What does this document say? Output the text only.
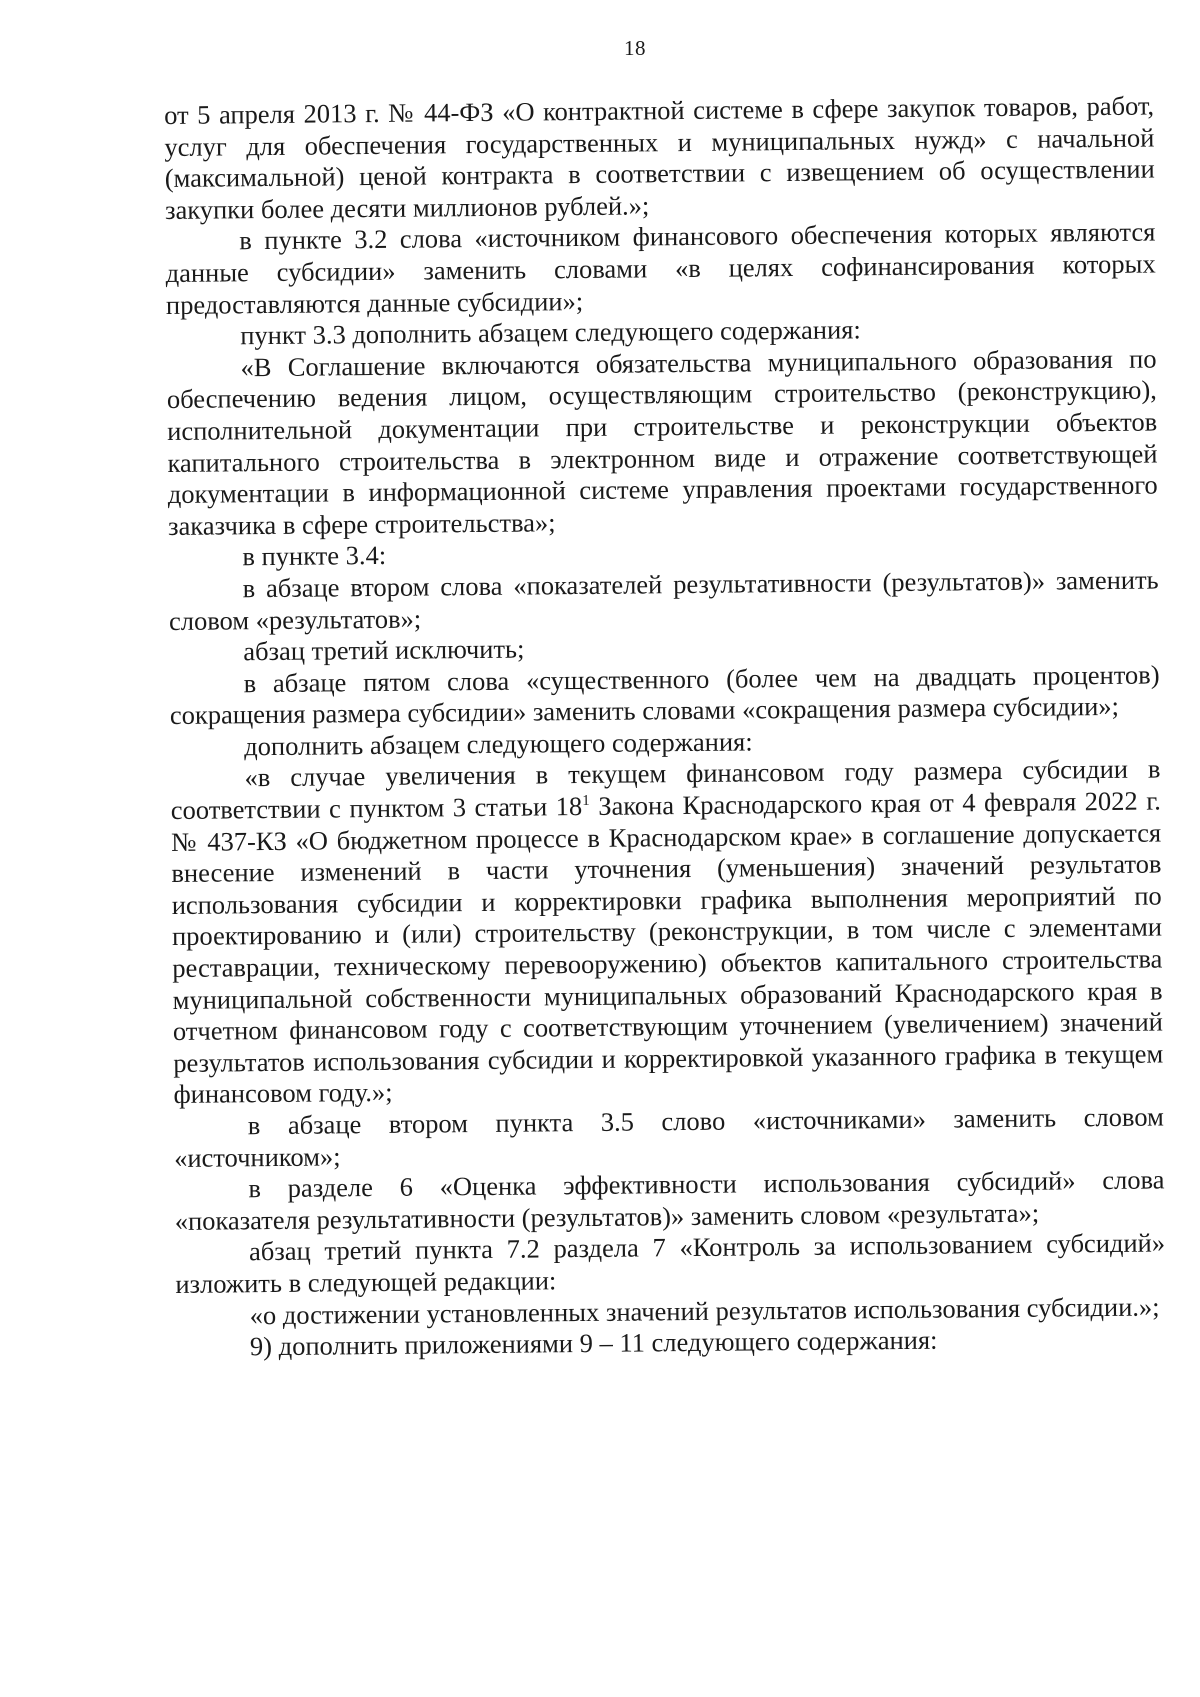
18

от 5 апреля 2013 г. № 44-ФЗ «О контрактной системе в сфере закупок товаров, работ, услуг для обеспечения государственных и муниципальных нужд» с начальной (максимальной) ценой контракта в соответствии с извещением об осуществлении закупки более десяти миллионов рублей.»;

в пункте 3.2 слова «источником финансового обеспечения которых являются данные субсидии» заменить словами «в целях софинансирования которых предоставляются данные субсидии»;

пункт 3.3 дополнить абзацем следующего содержания:

«В Соглашение включаются обязательства муниципального образования по обеспечению ведения лицом, осуществляющим строительство (реконструкцию), исполнительной документации при строительстве и реконструкции объектов капитального строительства в электронном виде и отражение соответствующей документации в информационной системе управления проектами государственного заказчика в сфере строительства»;

в пункте 3.4:

в абзаце втором слова «показателей результативности (результатов)» заменить словом «результатов»;

абзац третий исключить;

в абзаце пятом слова «существенного (более чем на двадцать процентов) сокращения размера субсидии» заменить словами «сокращения размера субсидии»;

дополнить абзацем следующего содержания:

«в случае увеличения в текущем финансовом году размера субсидии в соответствии с пунктом 3 статьи 18$^1$ Закона Краснодарского края от 4 февраля 2022 г. № 437-КЗ «О бюджетном процессе в Краснодарском крае» в соглашение допускается внесение изменений в части уточнения (уменьшения) значений результатов использования субсидии и корректировки графика выполнения мероприятий по проектированию и (или) строительству (реконструкции, в том числе с элементами реставрации, техническому перевооружению) объектов капитального строительства муниципальной собственности муниципальных образований Краснодарского края в отчетном финансовом году с соответствующим уточнением (увеличением) значений результатов использования субсидии и корректировкой указанного графика в текущем финансовом году.»;

в абзаце втором пункта 3.5 слово «источниками» заменить словом «источником»;

в разделе 6 «Оценка эффективности использования субсидий» слова «показателя результативности (результатов)» заменить словом «результата»;

абзац третий пункта 7.2 раздела 7 «Контроль за использованием субсидий» изложить в следующей редакции:

«о достижении установленных значений результатов использования субсидии.»;

9) дополнить приложениями 9 – 11 следующего содержания:
